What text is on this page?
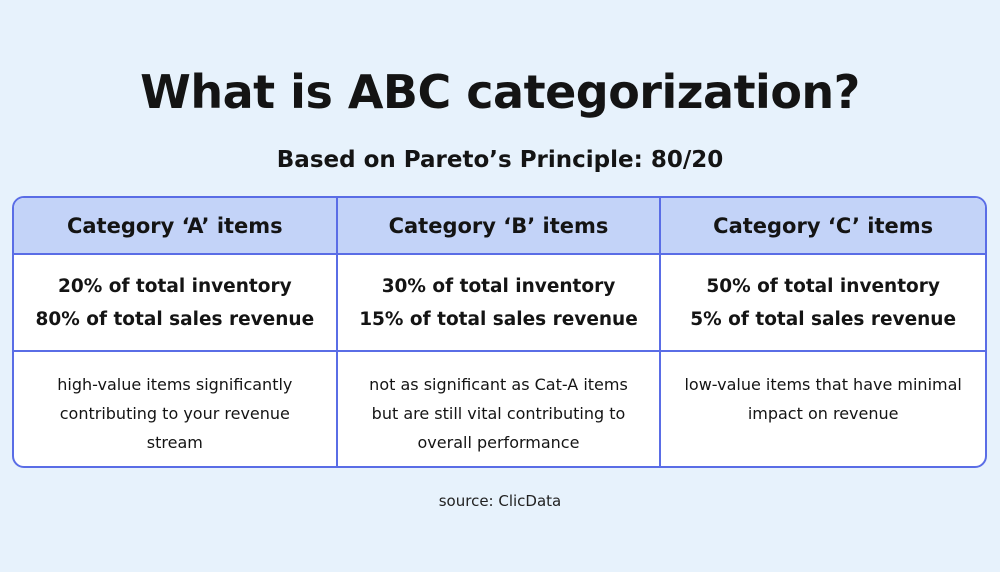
What is ABC categorization?
Based on Pareto’s Principle: 80/20
Category ‘A’ items	Category ‘B’ items	Category ‘C’ items
20% of total inventory
80% of total sales revenue
30% of total inventory
15% of total sales revenue
50% of total inventory
5% of total sales revenue
high-value items significantly contributing to your revenue stream
not as significant as Cat-A items but are still vital contributing to overall performance
low-value items that have minimal impact on revenue
source: ClicData
